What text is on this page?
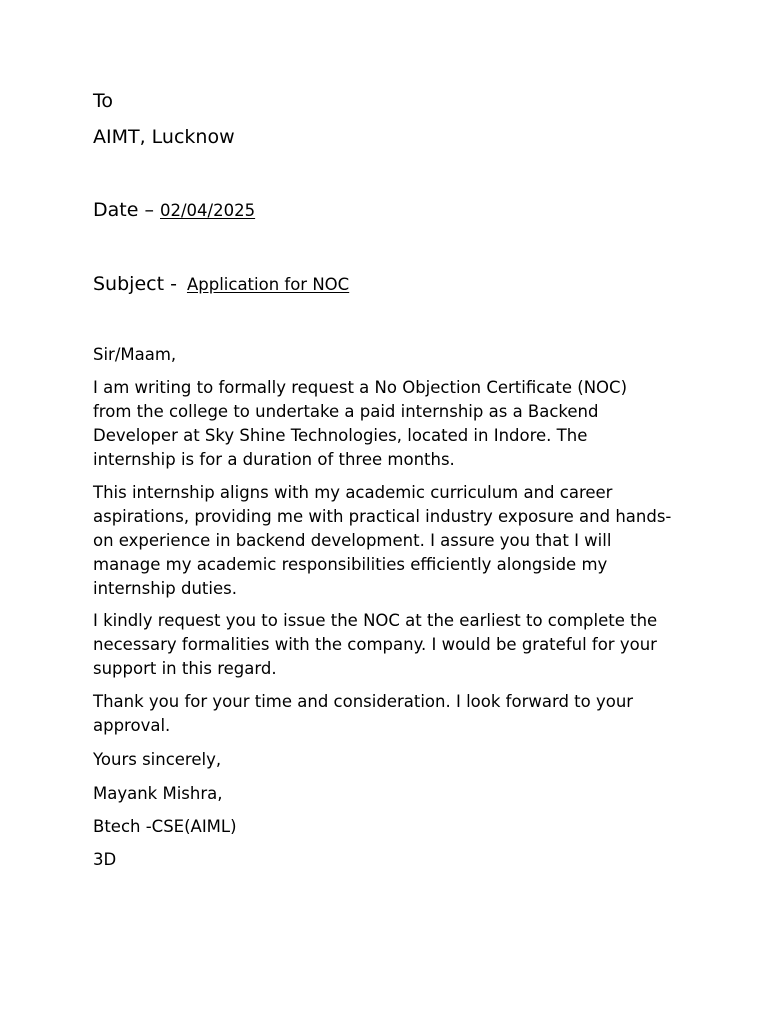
To

AIMT, Lucknow

Date – 02/04/2025

Subject - Application for NOC

Sir/Maam,

I am writing to formally request a No Objection Certificate (NOC)
from the college to undertake a paid internship as a Backend
Developer at Sky Shine Technologies, located in Indore. The
internship is for a duration of three months.
This internship aligns with my academic curriculum and career
aspirations, providing me with practical industry exposure and hands-
on experience in backend development. I assure you that I will
manage my academic responsibilities efficiently alongside my
internship duties.
I kindly request you to issue the NOC at the earliest to complete the
necessary formalities with the company. I would be grateful for your
support in this regard.
Thank you for your time and consideration. I look forward to your
approval.

Yours sincerely,

Mayank Mishra,

Btech -CSE(AIML)

3D
